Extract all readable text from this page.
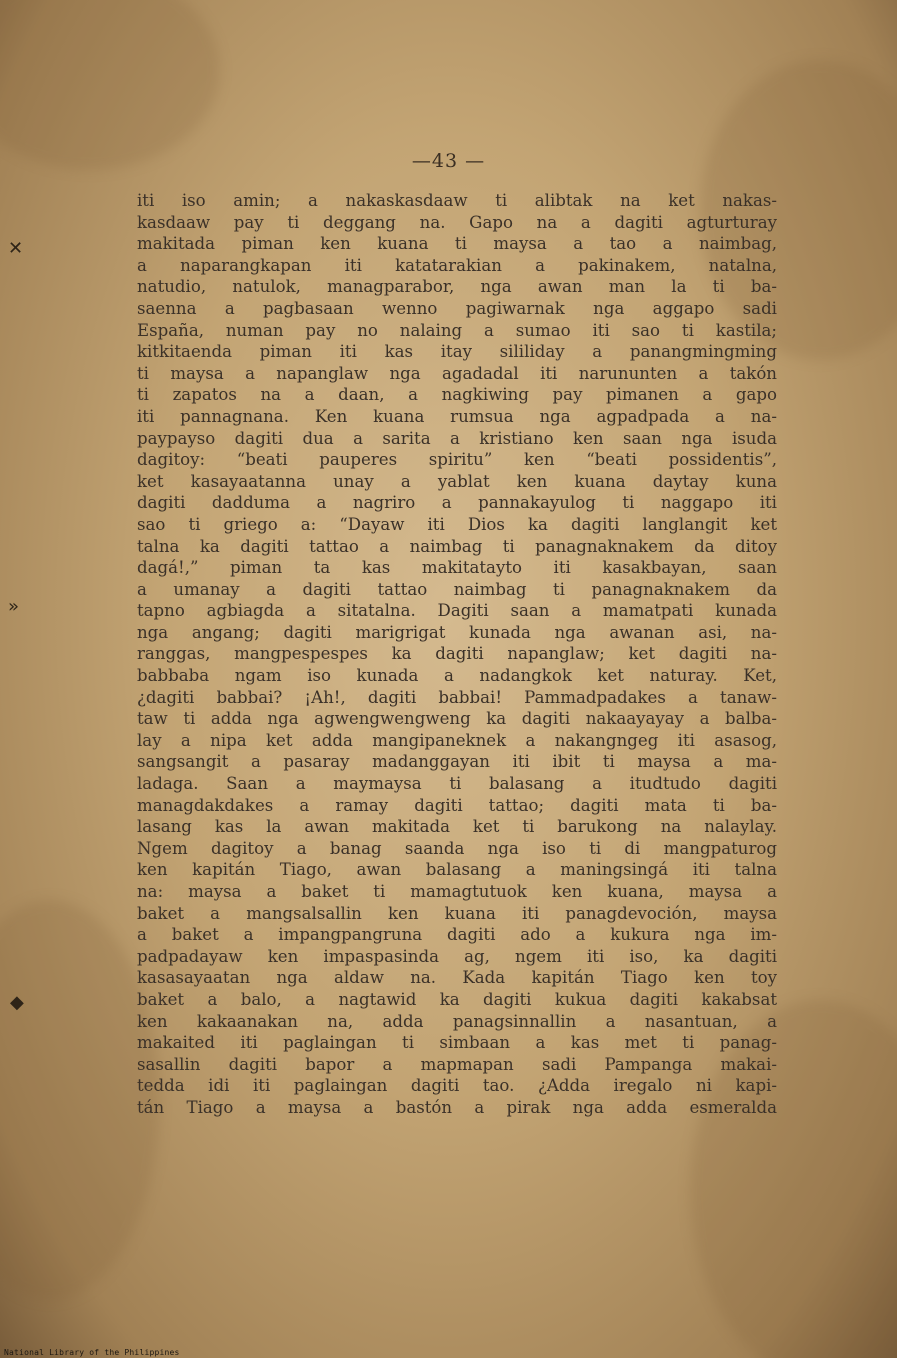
✕
»
◆
—43 —
iti iso amin; a nakaskasdaaw ti alibtak na ket nakas-
kasdaaw pay ti deggang na. Gapo na a dagiti agturturay
makitada piman ken kuana ti maysa a tao a naimbag,
a naparangkapan iti katatarakian a pakinakem, natalna,
natudio, natulok, managparabor, nga awan man la ti ba-
saenna a pagbasaan wenno pagiwarnak nga aggapo sadi
España, numan pay no nalaing a sumao iti sao ti kastila;
kitkitaenda piman iti kas itay sililiday a panangmingming
ti maysa a napanglaw nga agadadal iti narununten a takón
ti zapatos na a daan, a nagkiwing pay pimanen a gapo
iti pannagnana. Ken kuana rumsua nga agpadpada a na-
paypayso dagiti dua a sarita a kristiano ken saan nga isuda
dagitoy: “beati pauperes spiritu” ken “beati possidentis”,
ket kasayaatanna unay a yablat ken kuana daytay kuna
dagiti dadduma a nagriro a pannakayulog ti naggapo iti
sao ti griego a: “Dayaw iti Dios ka dagiti langlangit ket
talna ka dagiti tattao a naimbag ti panagnaknakem da ditoy
dagá!,” piman ta kas makitatayto iti kasakbayan, saan
a umanay a dagiti tattao naimbag ti panagnaknakem da
tapno agbiagda a sitatalna. Dagiti saan a mamatpati kunada
nga angang; dagiti marigrigat kunada nga awanan asi, na-
ranggas, mangpespespes ka dagiti napanglaw; ket dagiti na-
babbaba ngam iso kunada a nadangkok ket naturay. Ket,
¿dagiti babbai? ¡Ah!, dagiti babbai! Pammadpadakes a tanaw-
taw ti adda nga agwengwengweng ka dagiti nakaayayay a balba-
lay a nipa ket adda mangipaneknek a nakangngeg iti asasog,
sangsangit a pasaray madanggayan iti ibit ti maysa a ma-
ladaga. Saan a maymaysa ti balasang a itudtudo dagiti
managdakdakes a ramay dagiti tattao; dagiti mata ti ba-
lasang kas la awan makitada ket ti barukong na nalaylay.
Ngem dagitoy a banag saanda nga iso ti di mangpaturog
ken kapitán Tiago, awan balasang a maningsingá iti talna
na: maysa a baket ti mamagtutuok ken kuana, maysa a
baket a mangsalsallin ken kuana iti panagdevoción, maysa
a baket a impangpangruna dagiti ado a kukura nga im-
padpadayaw ken impaspasinda ag, ngem iti iso, ka dagiti
kasasayaatan nga aldaw na. Kada kapitán Tiago ken toy
baket a balo, a nagtawid ka dagiti kukua dagiti kakabsat
ken kakaanakan na, adda panagsinnallin a nasantuan, a
makaited iti paglaingan ti simbaan a kas met ti panag-
sasallin dagiti bapor a mapmapan sadi Pampanga makai-
tedda idi iti paglaingan dagiti tao. ¿Adda iregalo ni kapi-
tán Tiago a maysa a bastón a pirak nga adda esmeralda
National Library of the Philippines
